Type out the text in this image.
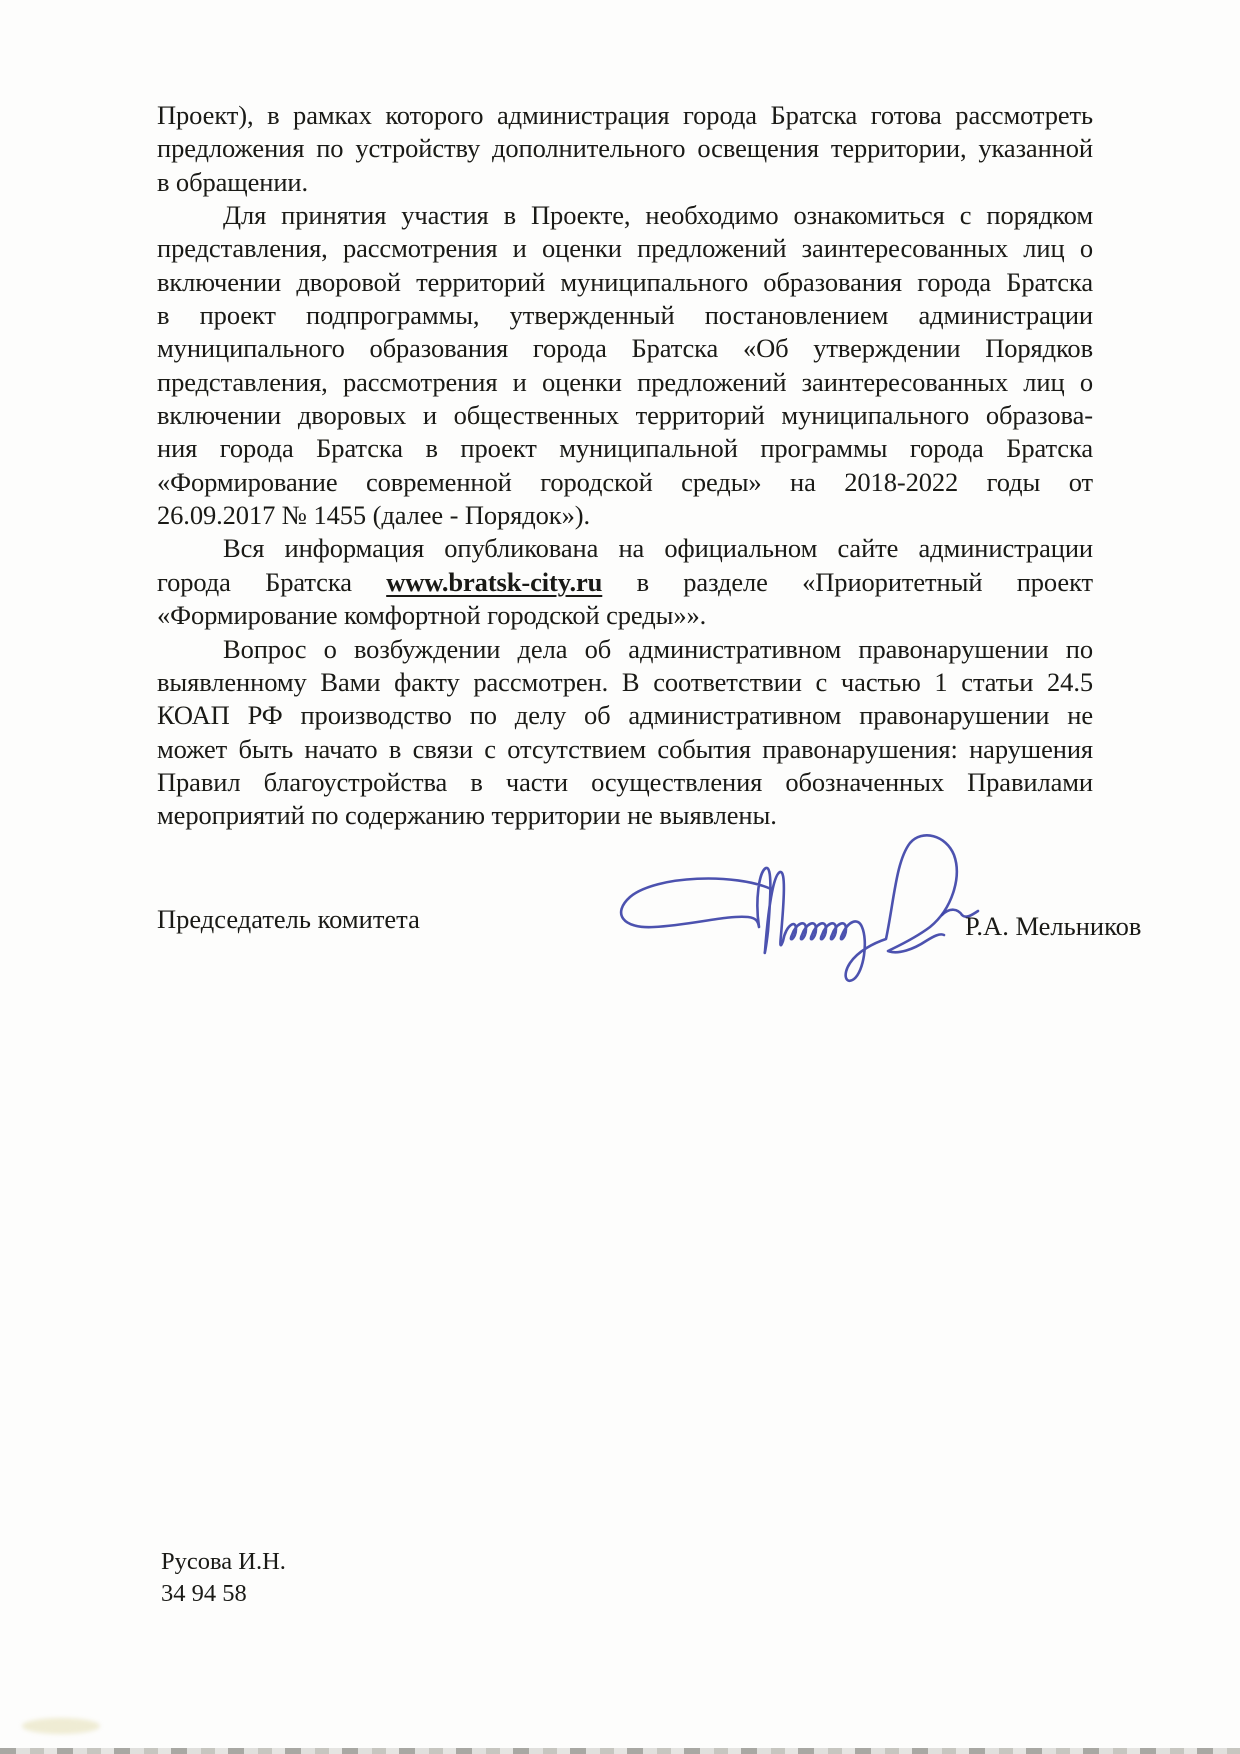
Проект), в рамках которого администрация города Братска готова рассмотреть
предложения по устройству дополнительного освещения территории, указанной
в обращении.
Для принятия участия в Проекте, необходимо ознакомиться с порядком
представления, рассмотрения и оценки предложений заинтересованных лиц о
включении дворовой территорий муниципального образования города Братска
в проект подпрограммы, утвержденный постановлением администрации
муниципального образования города Братска «Об утверждении Порядков
представления, рассмотрения и оценки предложений заинтересованных лиц о
включении дворовых и общественных территорий муниципального образова-
ния города Братска в проект муниципальной программы города Братска
«Формирование современной городской среды» на 2018-2022 годы от
26.09.2017 № 1455 (далее - Порядок»).
Вся информация опубликована на официальном сайте администрации
города Братска www.bratsk-city.ru в разделе «Приоритетный проект
«Формирование комфортной городской среды»».
Вопрос о возбуждении дела об административном правонарушении по
выявленному Вами факту рассмотрен. В соответствии с частью 1 статьи 24.5
КОАП РФ производство по делу об административном правонарушении не
может быть начато в связи с отсутствием события правонарушения: нарушения
Правил благоустройства в части осуществления обозначенных Правилами
мероприятий по содержанию территории не выявлены.
Председатель комитета	Р.А. Мельников
Русова И.Н.
34 94 58
